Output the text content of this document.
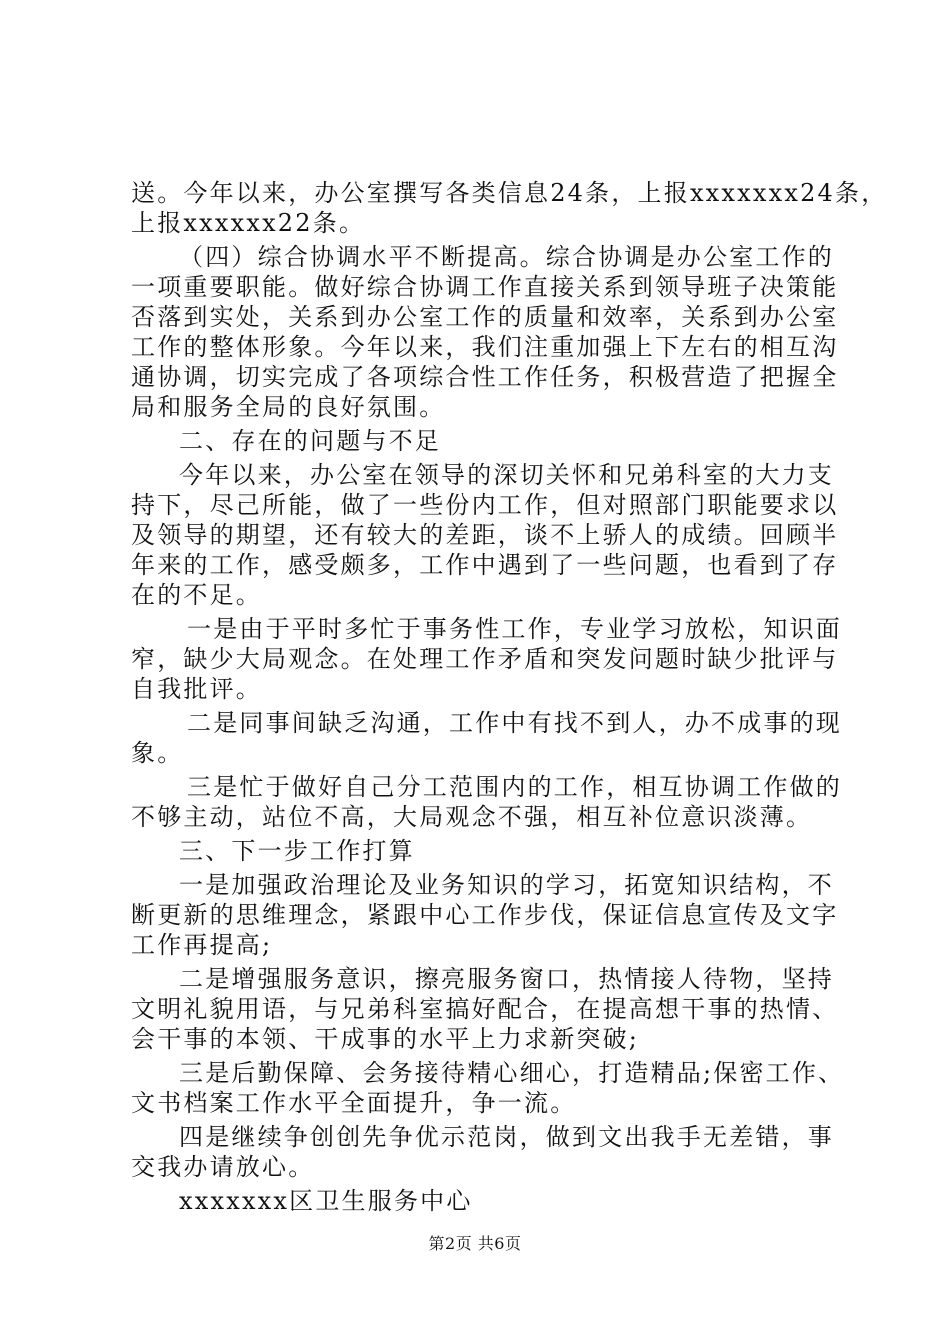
送。今年以来，办公室撰写各类信息24条，上报xxxxxxx24条，

上报xxxxxx22条。

（四）综合协调水平不断提高。综合协调是办公室工作的

一项重要职能。做好综合协调工作直接关系到领导班子决策能

否落到实处，关系到办公室工作的质量和效率，关系到办公室

工作的整体形象。今年以来，我们注重加强上下左右的相互沟

通协调，切实完成了各项综合性工作任务，积极营造了把握全

局和服务全局的良好氛围。

二、存在的问题与不足

今年以来，办公室在领导的深切关怀和兄弟科室的大力支

持下，尽己所能，做了一些份内工作，但对照部门职能要求以

及领导的期望，还有较大的差距，谈不上骄人的成绩。回顾半

年来的工作，感受颇多，工作中遇到了一些问题，也看到了存

在的不足。

一是由于平时多忙于事务性工作，专业学习放松，知识面

窄，缺少大局观念。在处理工作矛盾和突发问题时缺少批评与

自我批评。

二是同事间缺乏沟通，工作中有找不到人，办不成事的现

象。

三是忙于做好自己分工范围内的工作，相互协调工作做的

不够主动，站位不高，大局观念不强，相互补位意识淡薄。

三、下一步工作打算

一是加强政治理论及业务知识的学习，拓宽知识结构，不

断更新的思维理念，紧跟中心工作步伐，保证信息宣传及文字

工作再提高;

二是增强服务意识，擦亮服务窗口，热情接人待物，坚持

文明礼貌用语，与兄弟科室搞好配合，在提高想干事的热情、

会干事的本领、干成事的水平上力求新突破;

三是后勤保障、会务接待精心细心，打造精品;保密工作、

文书档案工作水平全面提升，争一流。

四是继续争创创先争优示范岗，做到文出我手无差错，事

交我办请放心。

xxxxxxx区卫生服务中心

第2页 共6页
